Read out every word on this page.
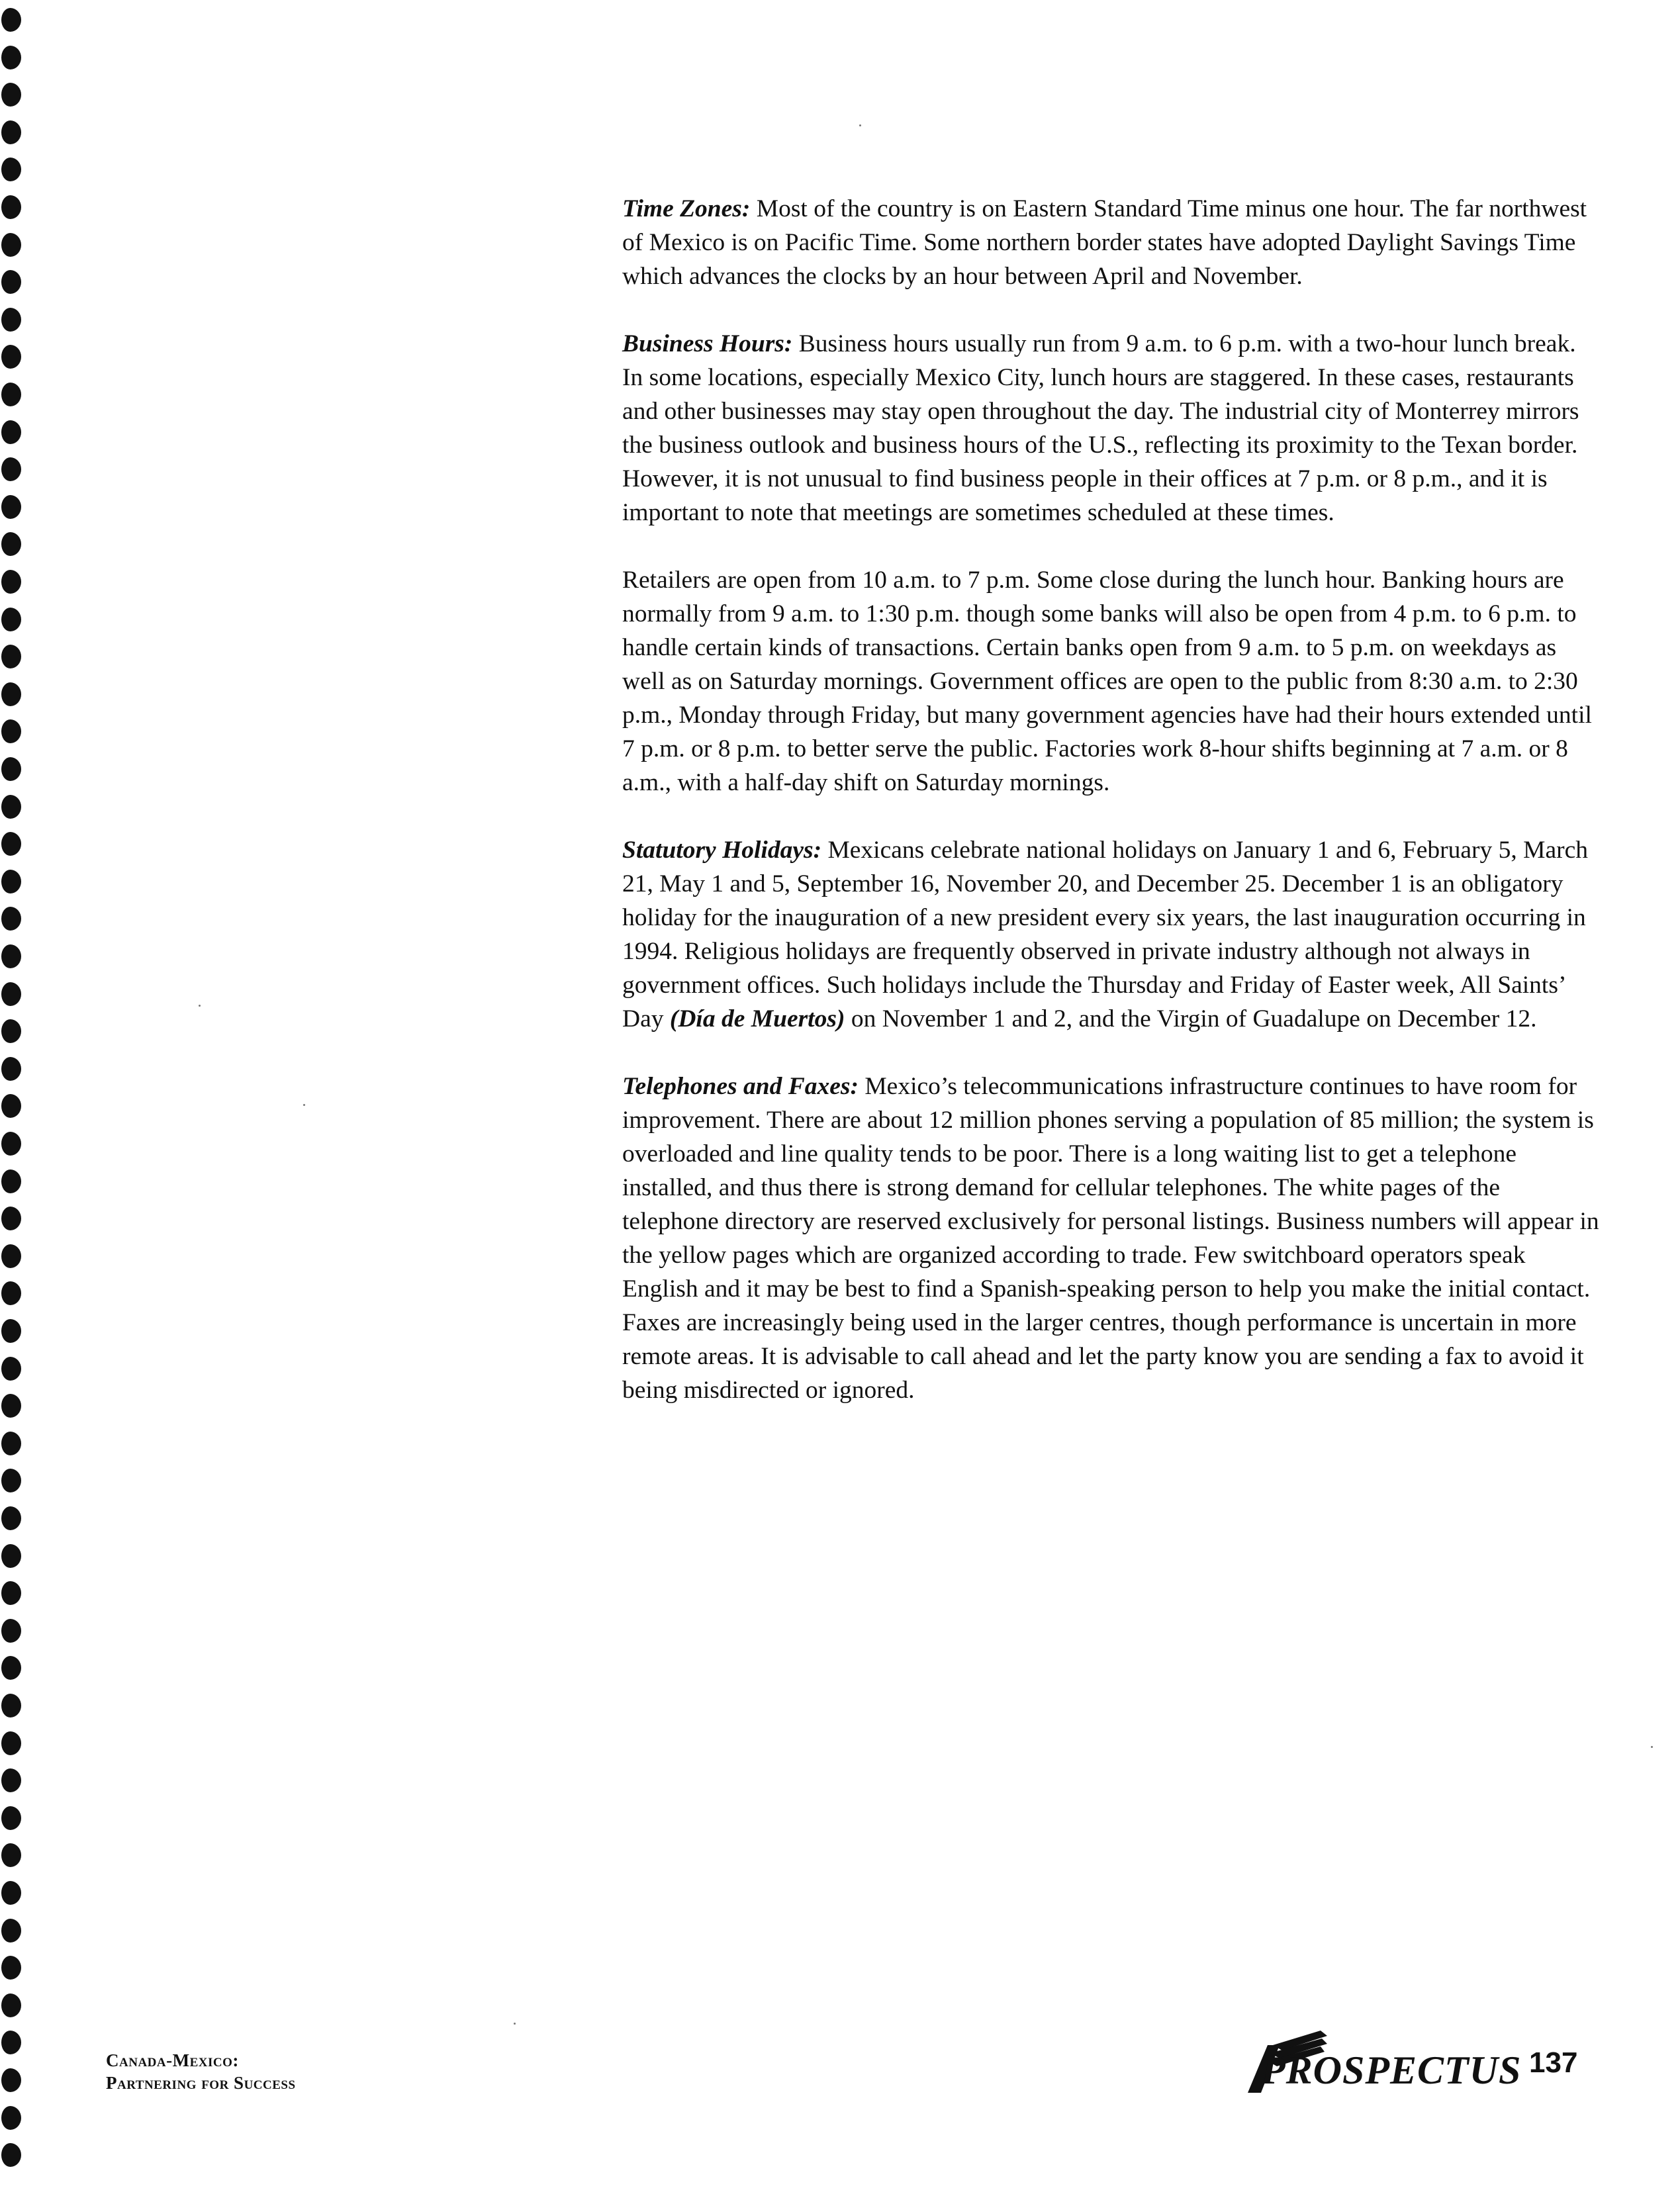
Time Zones: Most of the country is on Eastern Standard Time minus one hour. The far northwest of Mexico is on Pacific Time. Some northern border states have adopted Daylight Savings Time which advances the clocks by an hour between April and November.

Business Hours: Business hours usually run from 9 a.m. to 6 p.m. with a two-hour lunch break. In some locations, especially Mexico City, lunch hours are staggered. In these cases, restaurants and other businesses may stay open throughout the day. The industrial city of Monterrey mirrors the business outlook and business hours of the U.S., reflecting its proximity to the Texan border. However, it is not unusual to find business people in their offices at 7 p.m. or 8 p.m., and it is important to note that meetings are sometimes scheduled at these times.

Retailers are open from 10 a.m. to 7 p.m. Some close during the lunch hour. Banking hours are normally from 9 a.m. to 1:30 p.m. though some banks will also be open from 4 p.m. to 6 p.m. to handle certain kinds of transactions. Certain banks open from 9 a.m. to 5 p.m. on weekdays as well as on Saturday mornings. Government offices are open to the public from 8:30 a.m. to 2:30 p.m., Monday through Friday, but many government agencies have had their hours extended until 7 p.m. or 8 p.m. to better serve the public. Factories work 8-hour shifts beginning at 7 a.m. or 8 a.m., with a half-day shift on Saturday mornings.

Statutory Holidays: Mexicans celebrate national holidays on January 1 and 6, February 5, March 21, May 1 and 5, September 16, November 20, and December 25. December 1 is an obligatory holiday for the inauguration of a new president every six years, the last inauguration occurring in 1994. Religious holidays are frequently observed in private industry although not always in government offices. Such holidays include the Thursday and Friday of Easter week, All Saints’ Day (Día de Muertos) on November 1 and 2, and the Virgin of Guadalupe on December 12.

Telephones and Faxes: Mexico’s telecommunications infrastructure continues to have room for improvement. There are about 12 million phones serving a population of 85 million; the system is overloaded and line quality tends to be poor. There is a long waiting list to get a telephone installed, and thus there is strong demand for cellular telephones. The white pages of the telephone directory are reserved exclusively for personal listings. Business numbers will appear in the yellow pages which are organized according to trade. Few switchboard operators speak English and it may be best to find a Spanish-speaking person to help you make the initial contact. Faxes are increasingly being used in the larger centres, though performance is uncertain in more remote areas. It is advisable to call ahead and let the party know you are sending a fax to avoid it being misdirected or ignored.

Canada-Mexico:
Partnering for Success	PROSPECTUS 137
